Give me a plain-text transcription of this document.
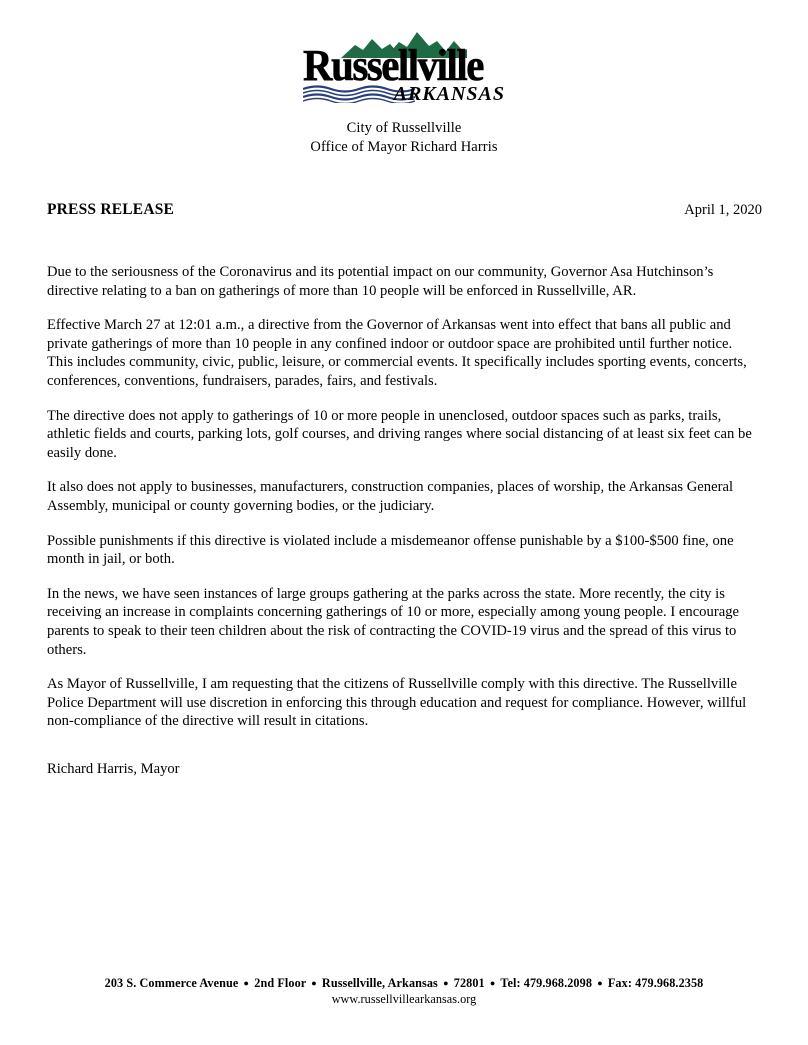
Russellville
ARKANSAS
City of Russellville
Office of Mayor Richard Harris
PRESS RELEASE	April 1, 2020

Due to the seriousness of the Coronavirus and its potential impact on our community, Governor Asa Hutchinson’s directive relating to a ban on gatherings of more than 10 people will be enforced in Russellville, AR.

Effective March 27 at 12:01 a.m., a directive from the Governor of Arkansas went into effect that bans all public and private gatherings of more than 10 people in any confined indoor or outdoor space are prohibited until further notice. This includes community, civic, public, leisure, or commercial events. It specifically includes sporting events, concerts, conferences, conventions, fundraisers, parades, fairs, and festivals.

The directive does not apply to gatherings of 10 or more people in unenclosed, outdoor spaces such as parks, trails, athletic fields and courts, parking lots, golf courses, and driving ranges where social distancing of at least six feet can be easily done.

It also does not apply to businesses, manufacturers, construction companies, places of worship, the Arkansas General Assembly, municipal or county governing bodies, or the judiciary.

Possible punishments if this directive is violated include a misdemeanor offense punishable by a $100-$500 fine, one month in jail, or both.

In the news, we have seen instances of large groups gathering at the parks across the state. More recently, the city is receiving an increase in complaints concerning gatherings of 10 or more, especially among young people. I encourage parents to speak to their teen children about the risk of contracting the COVID-19 virus and the spread of this virus to others.

As Mayor of Russellville, I am requesting that the citizens of Russellville comply with this directive. The Russellville Police Department will use discretion in enforcing this through education and request for compliance. However, willful non-compliance of the directive will result in citations.

Richard Harris, Mayor
203 S. Commerce Avenue ● 2nd Floor ● Russellville, Arkansas ● 72801 ● Tel: 479.968.2098 ● Fax: 479.968.2358
www.russellvillearkansas.org
